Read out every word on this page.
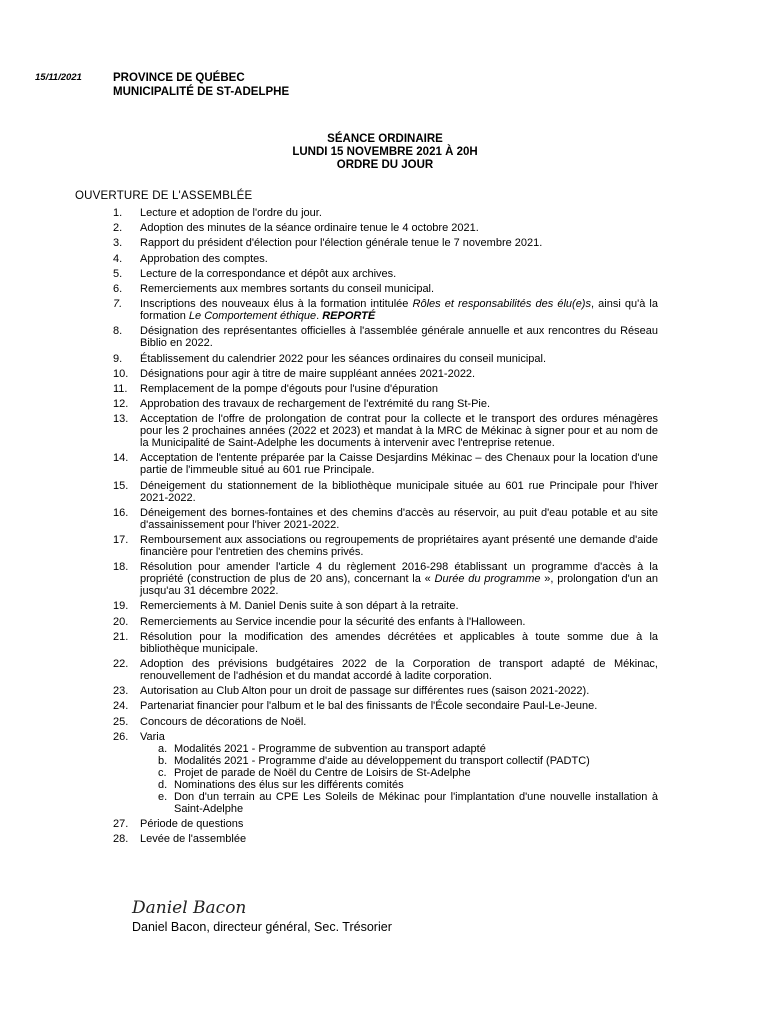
15/11/2021	PROVINCE DE QUÉBEC
MUNICIPALITÉ DE ST-ADELPHE
SÉANCE ORDINAIRE
LUNDI 15 NOVEMBRE 2021 À 20H
ORDRE DU JOUR
OUVERTURE DE L'ASSEMBLÉE
1. Lecture et adoption de l'ordre du jour.
2. Adoption des minutes de la séance ordinaire tenue le 4 octobre 2021.
3. Rapport du président d'élection pour l'élection générale tenue le 7 novembre 2021.
4. Approbation des comptes.
5. Lecture de la correspondance et dépôt aux archives.
6. Remerciements aux membres sortants du conseil municipal.
7. Inscriptions des nouveaux élus à la formation intitulée Rôles et responsabilités des élu(e)s, ainsi qu'à la formation Le Comportement éthique. REPORTÉ
8. Désignation des représentantes officielles à l'assemblée générale annuelle et aux rencontres du Réseau Biblio en 2022.
9. Établissement du calendrier 2022 pour les séances ordinaires du conseil municipal.
10. Désignations pour agir à titre de maire suppléant années 2021-2022.
11. Remplacement de la pompe d'égouts pour l'usine d'épuration
12. Approbation des travaux de rechargement de l'extrémité du rang St-Pie.
13. Acceptation de l'offre de prolongation de contrat pour la collecte et le transport des ordures ménagères pour les 2 prochaines années (2022 et 2023) et mandat à la MRC de Mékinac à signer pour et au nom de la Municipalité de Saint-Adelphe les documents à intervenir avec l'entreprise retenue.
14. Acceptation de l'entente préparée par la Caisse Desjardins Mékinac – des Chenaux pour la location d'une partie de l'immeuble situé au 601 rue Principale.
15. Déneigement du stationnement de la bibliothèque municipale située au 601 rue Principale pour l'hiver 2021-2022.
16. Déneigement des bornes-fontaines et des chemins d'accès au réservoir, au puit d'eau potable et au site d'assainissement pour l'hiver 2021-2022.
17. Remboursement aux associations ou regroupements de propriétaires ayant présenté une demande d'aide financière pour l'entretien des chemins privés.
18. Résolution pour amender l'article 4 du règlement 2016-298 établissant un programme d'accès à la propriété (construction de plus de 20 ans), concernant la « Durée du programme », prolongation d'un an jusqu'au 31 décembre 2022.
19. Remerciements à M. Daniel Denis suite à son départ à la retraite.
20. Remerciements au Service incendie pour la sécurité des enfants à l'Halloween.
21. Résolution pour la modification des amendes décrétées et applicables à toute somme due à la bibliothèque municipale.
22. Adoption des prévisions budgétaires 2022 de la Corporation de transport adapté de Mékinac, renouvellement de l'adhésion et du mandat accordé à ladite corporation.
23. Autorisation au Club Alton pour un droit de passage sur différentes rues (saison 2021-2022).
24. Partenariat financier pour l'album et le bal des finissants de l'École secondaire Paul-Le-Jeune.
25. Concours de décorations de Noël.
26. Varia
a. Modalités 2021 - Programme de subvention au transport adapté
b. Modalités 2021 - Programme d'aide au développement du transport collectif (PADTC)
c. Projet de parade de Noël du Centre de Loisirs de St-Adelphe
d. Nominations des élus sur les différents comités
e. Don d'un terrain au CPE Les Soleils de Mékinac pour l'implantation d'une nouvelle installation à Saint-Adelphe
27. Période de questions
28. Levée de l'assemblée
Daniel Bacon
Daniel Bacon, directeur général, Sec. Trésorier
